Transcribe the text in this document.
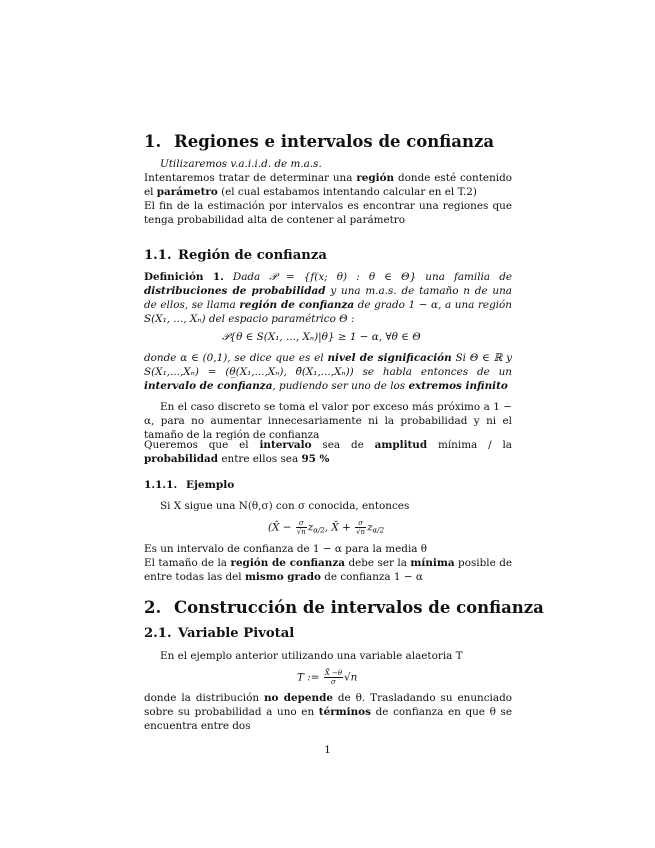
1. Regiones e intervalos de confianza
Utilizaremos v.a.i.i.d. de m.a.s.
Intentaremos tratar de determinar una región donde esté contenido el parámetro (el cual estabamos intentando calcular en el T.2)
El fin de la estimación por intervalos es encontrar una regiones que tenga probabilidad alta de contener al parámetro
1.1. Región de confianza
Definición 1. Dada 𝒫 = {f(x; θ) : θ ∈ Θ} una familia de distribuciones de probabilidad y una m.a.s. de tamaño n de una de ellos, se llama región de confianza de grado 1 − α, a una región S(X₁, ..., Xₙ) del espacio paramétrico Θ :
𝒫{θ ∈ S(X₁, ..., Xₙ)|θ} ≥ 1 − α, ∀θ ∈ Θ
donde α ∈ (0,1), se dice que es el nivel de significación Si Θ ∈ ℝ y S(X₁,...,Xₙ) = (θ̲(X₁,...,Xₙ), θ̄(X₁,...,Xₙ)) se habla entonces de un intervalo de confianza, pudiendo ser uno de los extremos infinito
En el caso discreto se toma el valor por exceso más próximo a 1 − α, para no aumentar innecesariamente ni la probabilidad y ni el tamaño de la región de confianza
Queremos que el intervalo sea de amplitud mínima / la probabilidad entre ellos sea 95 %
1.1.1. Ejemplo
Si X sigue una N(θ,σ) con σ conocida, entonces
(X̄ − $\frac{\sigma}{√n} z_{\alpha/2}$, X̄ + $\frac{\sigma}{√n} z_{\alpha/2}$
Es un intervalo de confianza de 1 − α para la media θ
El tamaño de la región de confianza debe ser la mínima posible de entre todas las del mismo grado de confianza 1 − α
2. Construcción de intervalos de confianza
2.1. Variable Pivotal
En el ejemplo anterior utilizando una variable alaetoria T
T := $\frac{X̄ -\theta}{\sigma} √n$
donde la distribución no depende de θ. Trasladando su enunciado sobre su probabilidad a uno en términos de confianza en que θ se encuentra entre dos
1
